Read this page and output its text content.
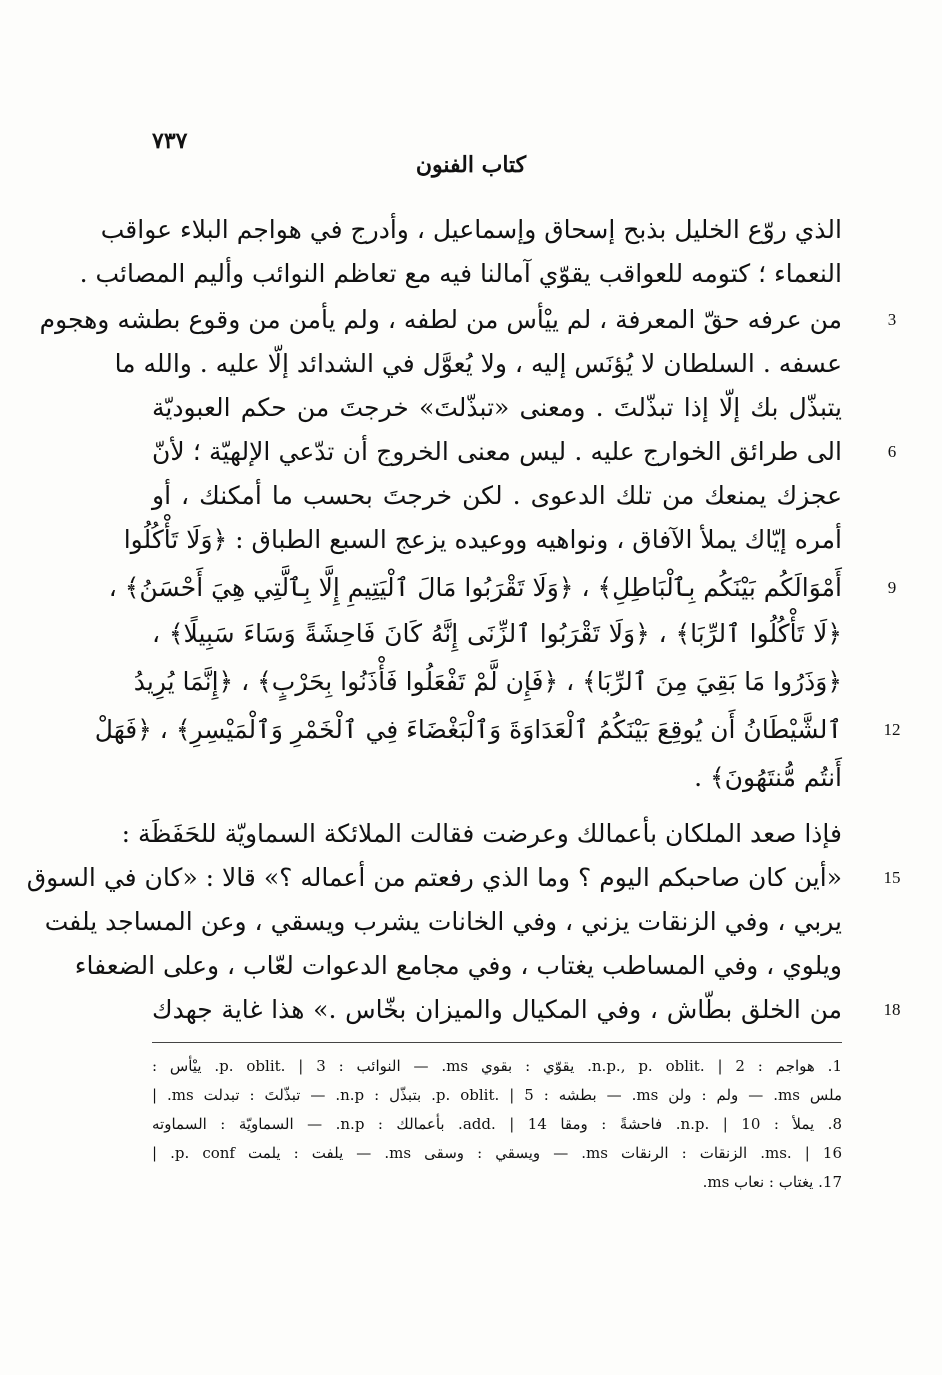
٧٣٧
كتاب الفنون
الذي روّع الخليل بذبح إسحاق وإسماعيل ، وأدرج في هواجم البلاء عواقب
النعماء ؛ كتومه للعواقب يقوّي آمالنا فيه مع تعاظم النوائب وأليم المصائب .
من عرفه حقّ المعرفة ، لم ييْأس من لطفه ، ولم يأمن من وقوع بطشه وهجوم
عسفه . السلطان لا يُؤنَس إليه ، ولا يُعوَّل في الشدائد إلّا عليه . والله ما
يتبذّل بك إلّا إذا تبذّلتَ . ومعنى «تبذّلتَ» خرجتَ من حكم العبوديّة
الى طرائق الخوارج عليه . ليس معنى الخروج أن تدّعي الإلهيّة ؛ لأنّ
عجزك يمنعك من تلك الدعوى . لكن خرجتَ بحسب ما أمكنك ، أو
أمره إيّاك يملأ الآفاق ، ونواهيه ووعيده يزعج السبع الطباق : ﴿وَلَا تَأْكُلُوا
أَمْوَالَكُم بَيْنَكُم بِٱلْبَاطِلِ﴾ ، ﴿وَلَا تَقْرَبُوا مَالَ ٱلْيَتِيمِ إِلَّا بِٱلَّتِي هِيَ أَحْسَنُ﴾ ،
﴿لَا تَأْكُلُوا ٱلرِّبَا﴾ ، ﴿وَلَا تَقْرَبُوا ٱلزِّنَى إِنَّهُ كَانَ فَاحِشَةً وَسَاءَ سَبِيلًا﴾ ،
﴿وَذَرُوا مَا بَقِيَ مِنَ ٱلرِّبَا﴾ ، ﴿فَإِن لَّمْ تَفْعَلُوا فَأْذَنُوا بِحَرْبٍ﴾ ، ﴿إِنَّمَا يُرِيدُ
ٱلشَّيْطَانُ أَن يُوقِعَ بَيْنَكُمُ ٱلْعَدَاوَةَ وَٱلْبَغْضَاءَ فِي ٱلْخَمْرِ وَٱلْمَيْسِرِ﴾ ، ﴿فَهَلْ
أَنتُم مُّنتَهُونَ﴾ .
فإذا صعد الملكان بأعمالك وعرضت فقالت الملائكة السماويّة للحَفَظَة :
«أين كان صاحبكم اليوم ؟ وما الذي رفعتم من أعماله ؟» قالا : «كان في السوق
يربي ، وفي الزنقات يزني ، وفي الخانات يشرب ويسقي ، وعن المساجد يلفت
ويلوي ، وفي المساطب يغتاب ، وفي مجامع الدعوات لعّاب ، وعلى الضعفاء
من الخلق بطّاش ، وفي المكيال والميزان بخّاس .» هذا غاية جهدك
3
6
9
12
15
18
1. هواجم : n.p., p. oblit. | 2. يقوّي : بقوي ms. — النوائب : p. oblit. | 3. ييْأس :
ملس ms. — ولم : ولن ms. — بطشه : p. oblit. | 5. بتبذّل : n.p. — تبذّلتَ : تبدلت ms. |
8. يملأ : n.p. | 10. فاحشةً : ومقا add. | 14. بأعمالك : n.p. — السماويّة : السماوته
ms. | 16. الزنقات : الرنقات ms. — ويسقي : وسقى ms. — يلفت : يلمت p. conf. |
17. يغتاب : نعاب ms.
